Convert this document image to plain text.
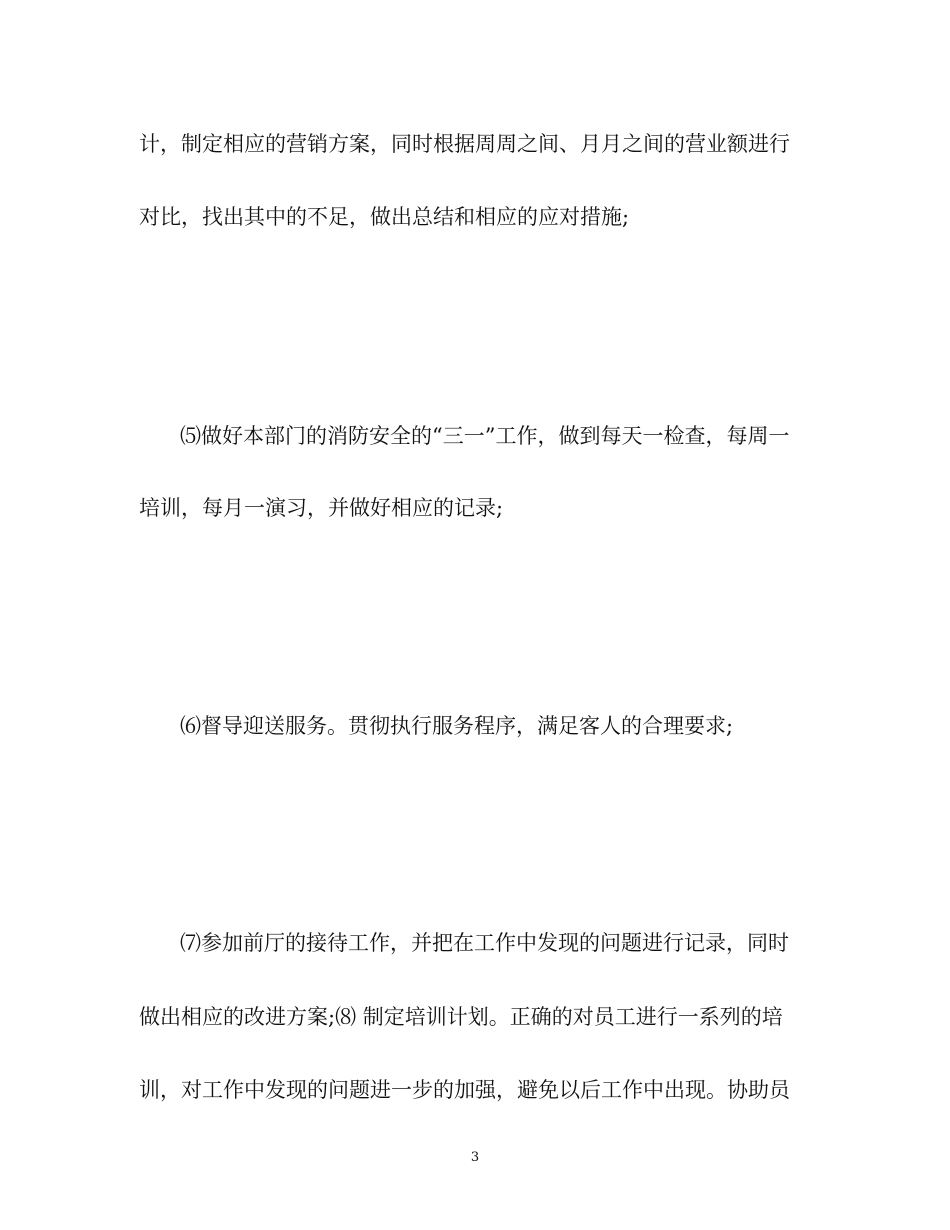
计，制定相应的营销方案，同时根据周周之间、月月之间的营业额进行
对比，找出其中的不足，做出总结和相应的应对措施;
⑸做好本部门的消防安全的“三一”工作，做到每天一检查，每周一
培训，每月一演习，并做好相应的记录;
⑹督导迎送服务。贯彻执行服务程序，满足客人的合理要求;
⑺参加前厅的接待工作，并把在工作中发现的问题进行记录，同时
做出相应的改进方案;⑻ 制定培训计划。正确的对员工进行一系列的培
训，对工作中发现的问题进一步的加强，避免以后工作中出现。协助员
3
